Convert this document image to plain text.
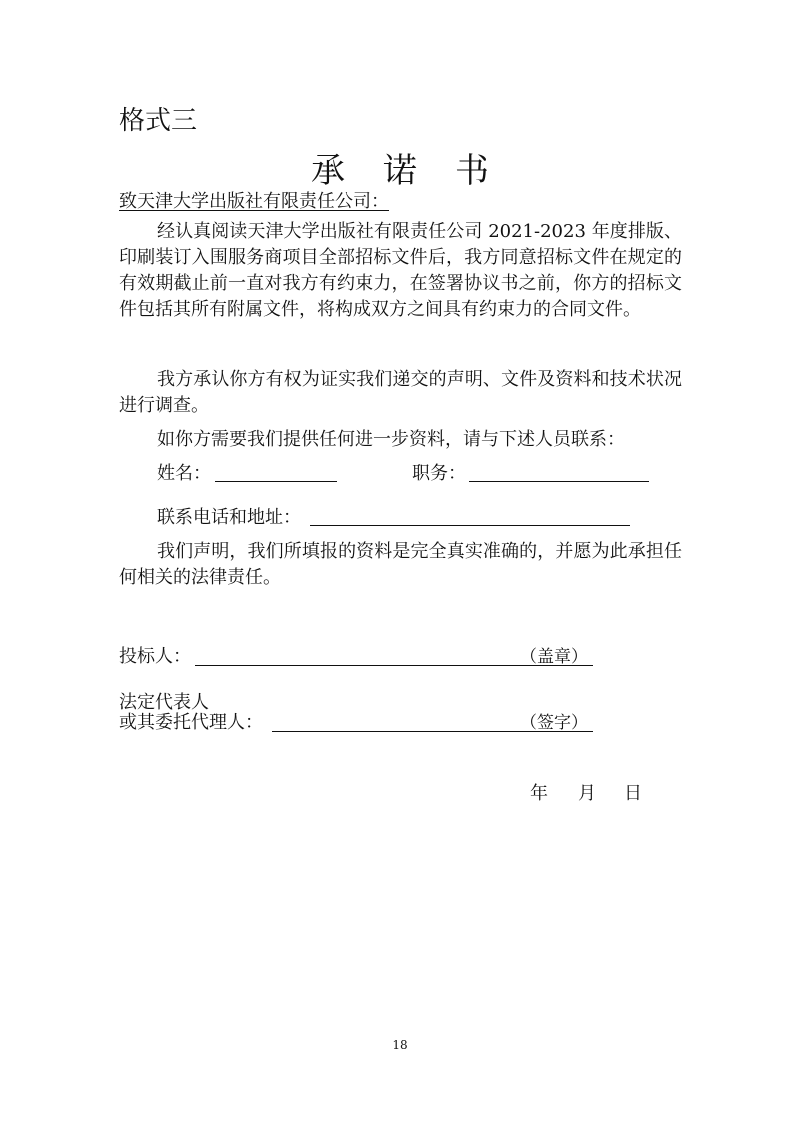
格式三
承诺书
致天津大学出版社有限责任公司：

经认真阅读天津大学出版社有限责任公司 2021-2023 年度排版、印刷装订入围服务商项目全部招标文件后，我方同意招标文件在规定的有效期截止前一直对我方有约束力，在签署协议书之前，你方的招标文件包括其所有附属文件，将构成双方之间具有约束力的合同文件。

我方承认你方有权为证实我们递交的声明、文件及资料和技术状况进行调查。

如你方需要我们提供任何进一步资料，请与下述人员联系：

姓名：	职务：
联系电话和地址：

我们声明，我们所填报的资料是完全真实准确的，并愿为此承担任何相关的法律责任。

投标人：	（盖章）
法定代表人
或其委托代理人：	（签字）
年 月 日
18
